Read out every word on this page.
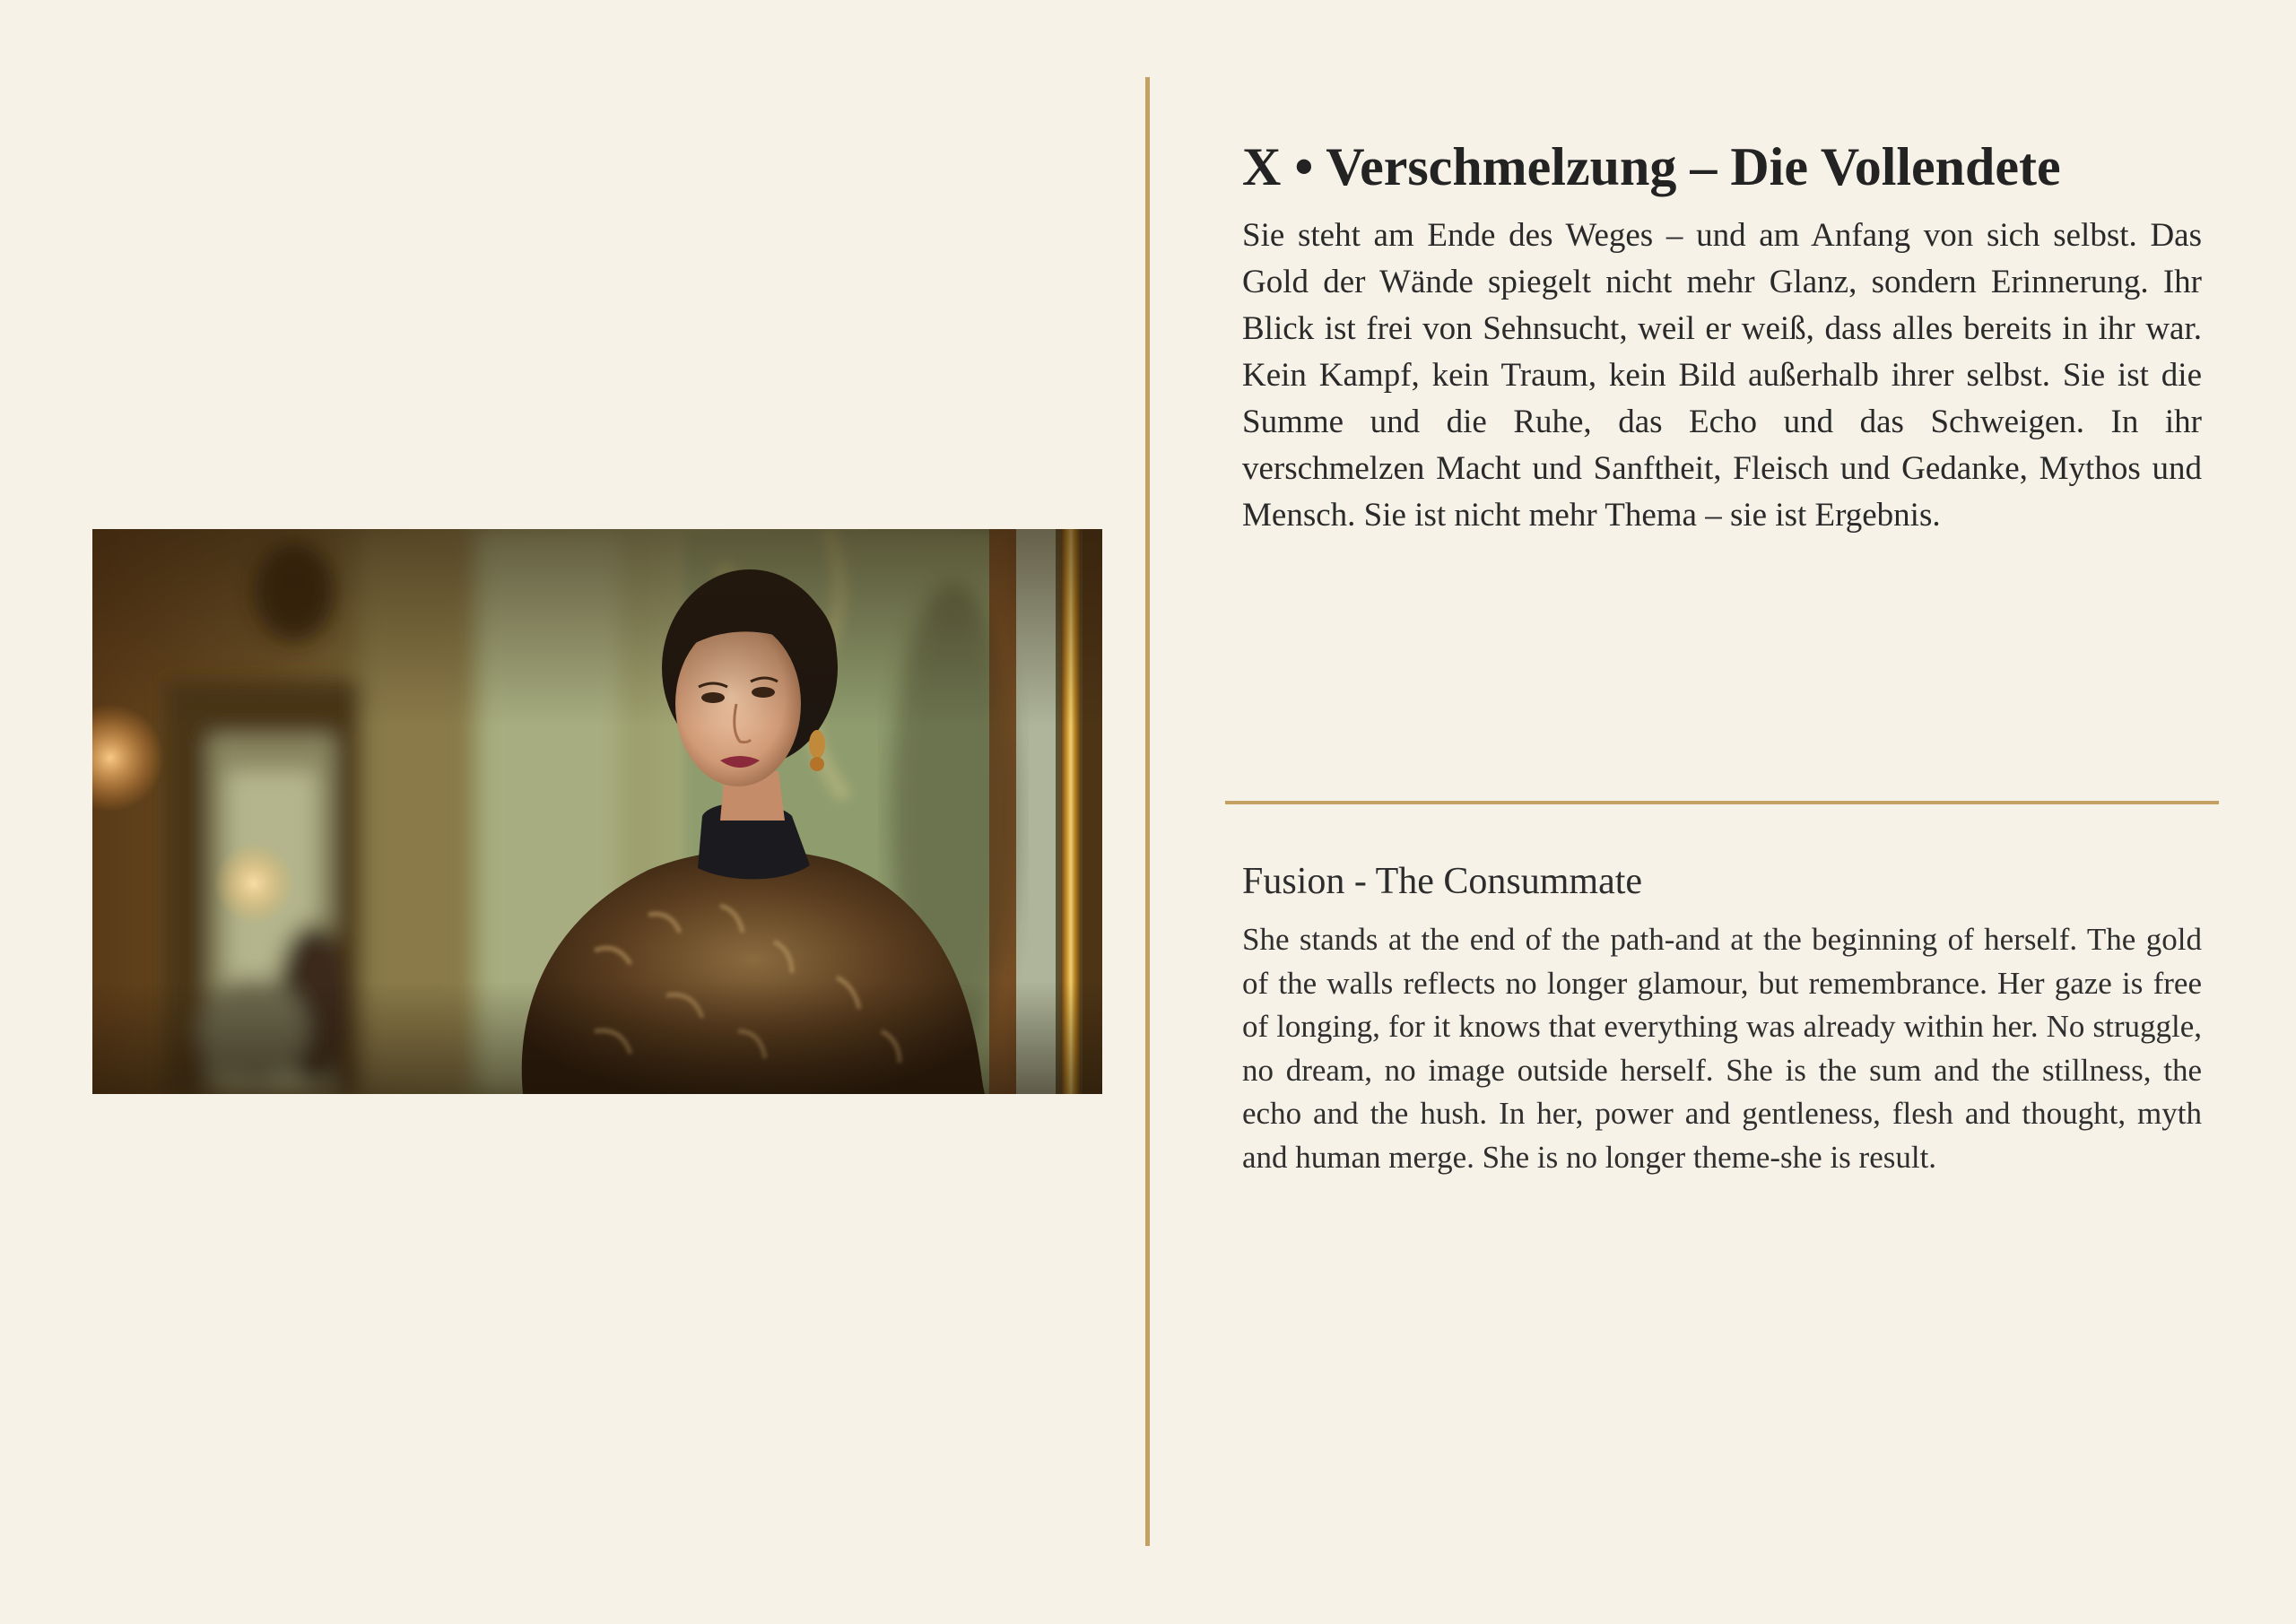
X • Verschmelzung – Die Vollendete

Sie steht am Ende des Weges – und am Anfang von sich selbst. Das Gold der Wände spiegelt nicht mehr Glanz, sondern Erinnerung. Ihr Blick ist frei von Sehnsucht, weil er weiß, dass alles bereits in ihr war. Kein Kampf, kein Traum, kein Bild außerhalb ihrer selbst. Sie ist die Summe und die Ruhe, das Echo und das Schweigen. In ihr verschmelzen Macht und Sanftheit, Fleisch und Gedanke, Mythos und Mensch. Sie ist nicht mehr Thema – sie ist Ergebnis.

Fusion - The Consummate

She stands at the end of the path-and at the beginning of herself. The gold of the walls reflects no longer glamour, but remembrance. Her gaze is free of longing, for it knows that everything was already within her. No struggle, no dream, no image outside herself. She is the sum and the stillness, the echo and the hush. In her, power and gentleness, flesh and thought, myth and human merge. She is no longer theme-she is result.
